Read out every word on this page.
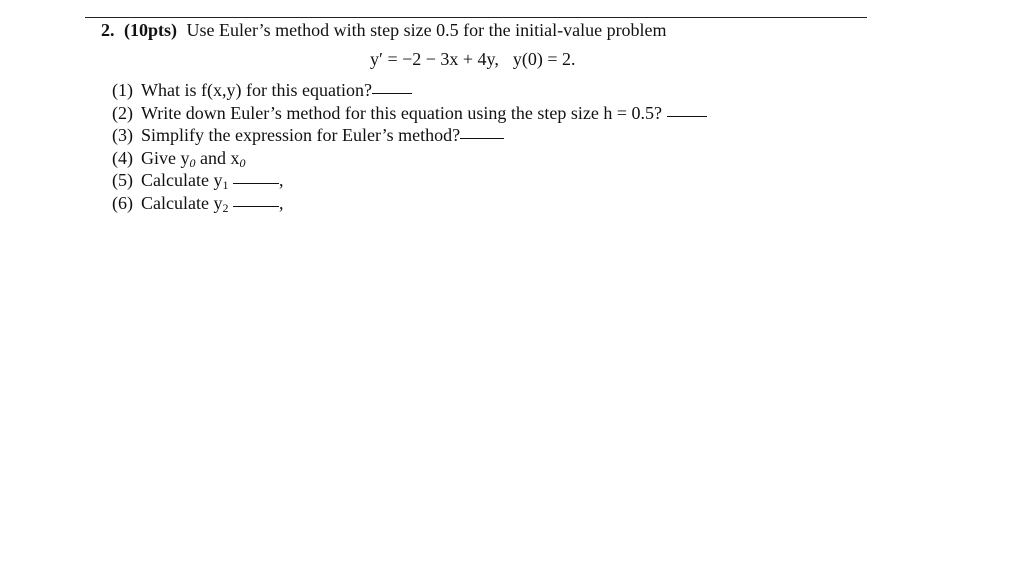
2. (10pts) Use Euler’s method with step size 0.5 for the initial-value problem
y′ = −2 − 3x + 4y, y(0) = 2.
(1) What is f(x,y) for this equation?
(2) Write down Euler’s method for this equation using the step size h = 0.5?
(3) Simplify the expression for Euler’s method?
(4) Give $y_0$ and $x_0$
(5) Calculate $y_1$	,
(6) Calculate $y_2$	,
